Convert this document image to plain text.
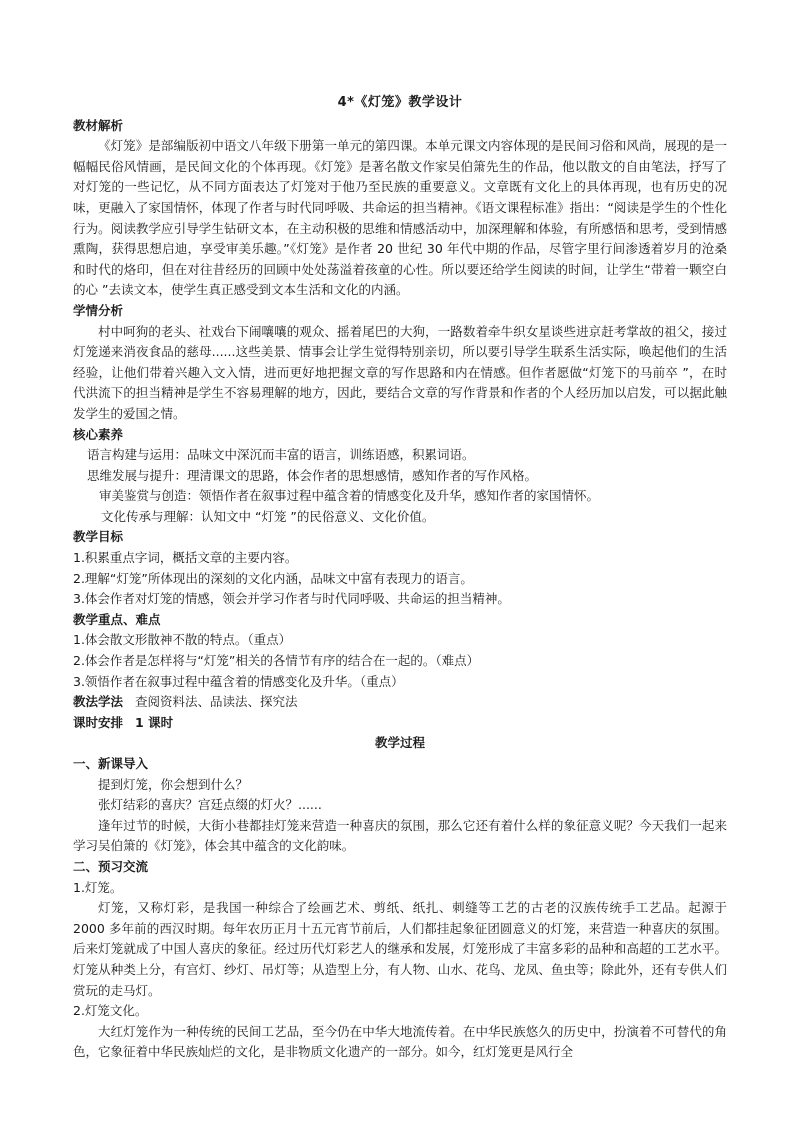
4*《灯笼》教学设计

教材解析

《灯笼》是部编版初中语文八年级下册第一单元的第四课。本单元课文内容体现的是民间习俗和风尚，展现的是一幅幅民俗风情画，是民间文化的个体再现。《灯笼》是著名散文作家吴伯箫先生的作品，他以散文的自由笔法，抒写了对灯笼的一些记忆，从不同方面表达了灯笼对于他乃至民族的重要意义。文章既有文化上的具体再现，也有历史的况味，更融入了家国情怀，体现了作者与时代同呼吸、共命运的担当精神。《语文课程标准》指出：“阅读是学生的个性化行为。阅读教学应引导学生钻研文本，在主动积极的思维和情感活动中，加深理解和体验，有所感悟和思考，受到情感熏陶，获得思想启迪，享受审美乐趣。”《灯笼》是作者 20 世纪 30 年代中期的作品，尽管字里行间渗透着岁月的沧桑和时代的烙印，但在对往昔经历的回顾中处处荡溢着孩童的心性。所以要还给学生阅读的时间，让学生“带着一颗空白的心 ”去读文本，使学生真正感受到文本生活和文化的内涵。

学情分析

村中呵狗的老头、社戏台下闹嚷嚷的观众、摇着尾巴的大狗，一路数着牵牛织女星谈些进京赶考掌故的祖父，接过灯笼递来消夜食品的慈母......这些美景、情事会让学生觉得特别亲切，所以要引导学生联系生活实际，唤起他们的生活经验，让他们带着兴趣入文入情，进而更好地把握文章的写作思路和内在情感。但作者愿做“灯笼下的马前卒 ”，在时代洪流下的担当精神是学生不容易理解的地方，因此，要结合文章的写作背景和作者的个人经历加以启发，可以据此触发学生的爱国之情。

核心素养

语言构建与运用：品味文中深沉而丰富的语言，训练语感，积累词语。

思维发展与提升：理清课文的思路，体会作者的思想感情，感知作者的写作风格。

审美鉴赏与创造：领悟作者在叙事过程中蕴含着的情感变化及升华，感知作者的家国情怀。

文化传承与理解：认知文中 “灯笼 ”的民俗意义、文化价值。

教学目标

1.积累重点字词，概括文章的主要内容。

2.理解“灯笼”所体现出的深刻的文化内涵，品味文中富有表现力的语言。

3.体会作者对灯笼的情感，领会并学习作者与时代同呼吸、共命运的担当精神。

教学重点、难点

1.体会散文形散神不散的特点。（重点）

2.体会作者是怎样将与“灯笼”相关的各情节有序的结合在一起的。（难点）

3.领悟作者在叙事过程中蕴含着的情感变化及升华。（重点）

教法学法 查阅资料法、品读法、探究法

课时安排 1 课时

教学过程

一、新课导入

提到灯笼，你会想到什么？

张灯结彩的喜庆？宫廷点缀的灯火？......

逢年过节的时候，大街小巷都挂灯笼来营造一种喜庆的氛围，那么它还有着什么样的象征意义呢？今天我们一起来学习吴伯箫的《灯笼》，体会其中蕴含的文化韵味。

二、预习交流

1.灯笼。

灯笼，又称灯彩，是我国一种综合了绘画艺术、剪纸、纸扎、刺缝等工艺的古老的汉族传统手工艺品。起源于 2000 多年前的西汉时期。每年农历正月十五元宵节前后，人们都挂起象征团圆意义的灯笼，来营造一种喜庆的氛围。后来灯笼就成了中国人喜庆的象征。经过历代灯彩艺人的继承和发展，灯笼形成了丰富多彩的品种和高超的工艺水平。灯笼从种类上分，有宫灯、纱灯、吊灯等；从造型上分，有人物、山水、花鸟、龙凤、鱼虫等；除此外，还有专供人们赏玩的走马灯。

2.灯笼文化。

大红灯笼作为一种传统的民间工艺品，至今仍在中华大地流传着。在中华民族悠久的历史中，扮演着不可替代的角色，它象征着中华民族灿烂的文化，是非物质文化遗产的一部分。如今，红灯笼更是风行全
